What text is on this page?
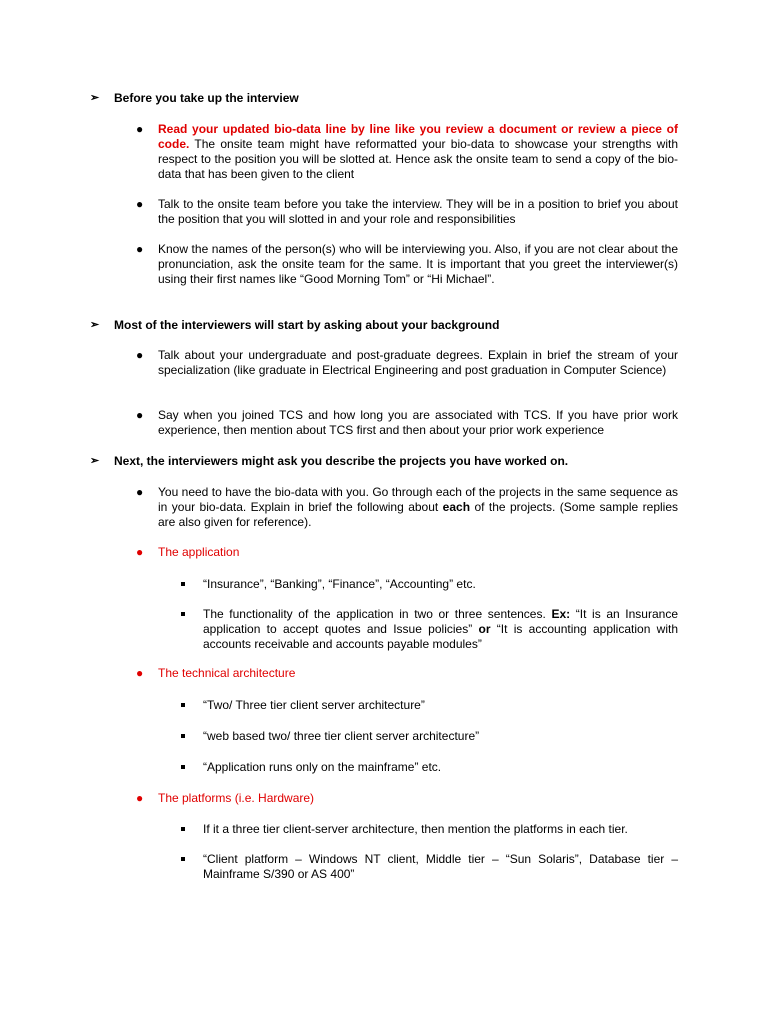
➢ Before you take up the interview
● Read your updated bio-data line by line like you review a document or review a piece of code. The onsite team might have reformatted your bio-data to showcase your strengths with respect to the position you will be slotted at. Hence ask the onsite team to send a copy of the bio-data that has been given to the client
● Talk to the onsite team before you take the interview. They will be in a position to brief you about the position that you will slotted in and your role and responsibilities
● Know the names of the person(s) who will be interviewing you. Also, if you are not clear about the pronunciation, ask the onsite team for the same. It is important that you greet the interviewer(s) using their first names like “Good Morning Tom” or “Hi Michael”.
➢ Most of the interviewers will start by asking about your background
● Talk about your undergraduate and post-graduate degrees. Explain in brief the stream of your specialization (like graduate in Electrical Engineering and post graduation in Computer Science)
● Say when you joined TCS and how long you are associated with TCS. If you have prior work experience, then mention about TCS first and then about your prior work experience
➢ Next, the interviewers might ask you describe the projects you have worked on.
● You need to have the bio-data with you. Go through each of the projects in the same sequence as in your bio-data. Explain in brief the following about each of the projects. (Some sample replies are also given for reference).
● The application
“Insurance”, “Banking”, “Finance”, “Accounting” etc.
The functionality of the application in two or three sentences. Ex: “It is an Insurance application to accept quotes and Issue policies” or “It is accounting application with accounts receivable and accounts payable modules”
● The technical architecture
“Two/ Three tier client server architecture”
“web based two/ three tier client server architecture”
“Application runs only on the mainframe” etc.
● The platforms (i.e. Hardware)
If it a three tier client-server architecture, then mention the platforms in each tier.
“Client platform – Windows NT client, Middle tier – “Sun Solaris”, Database tier – Mainframe S/390 or AS 400”
